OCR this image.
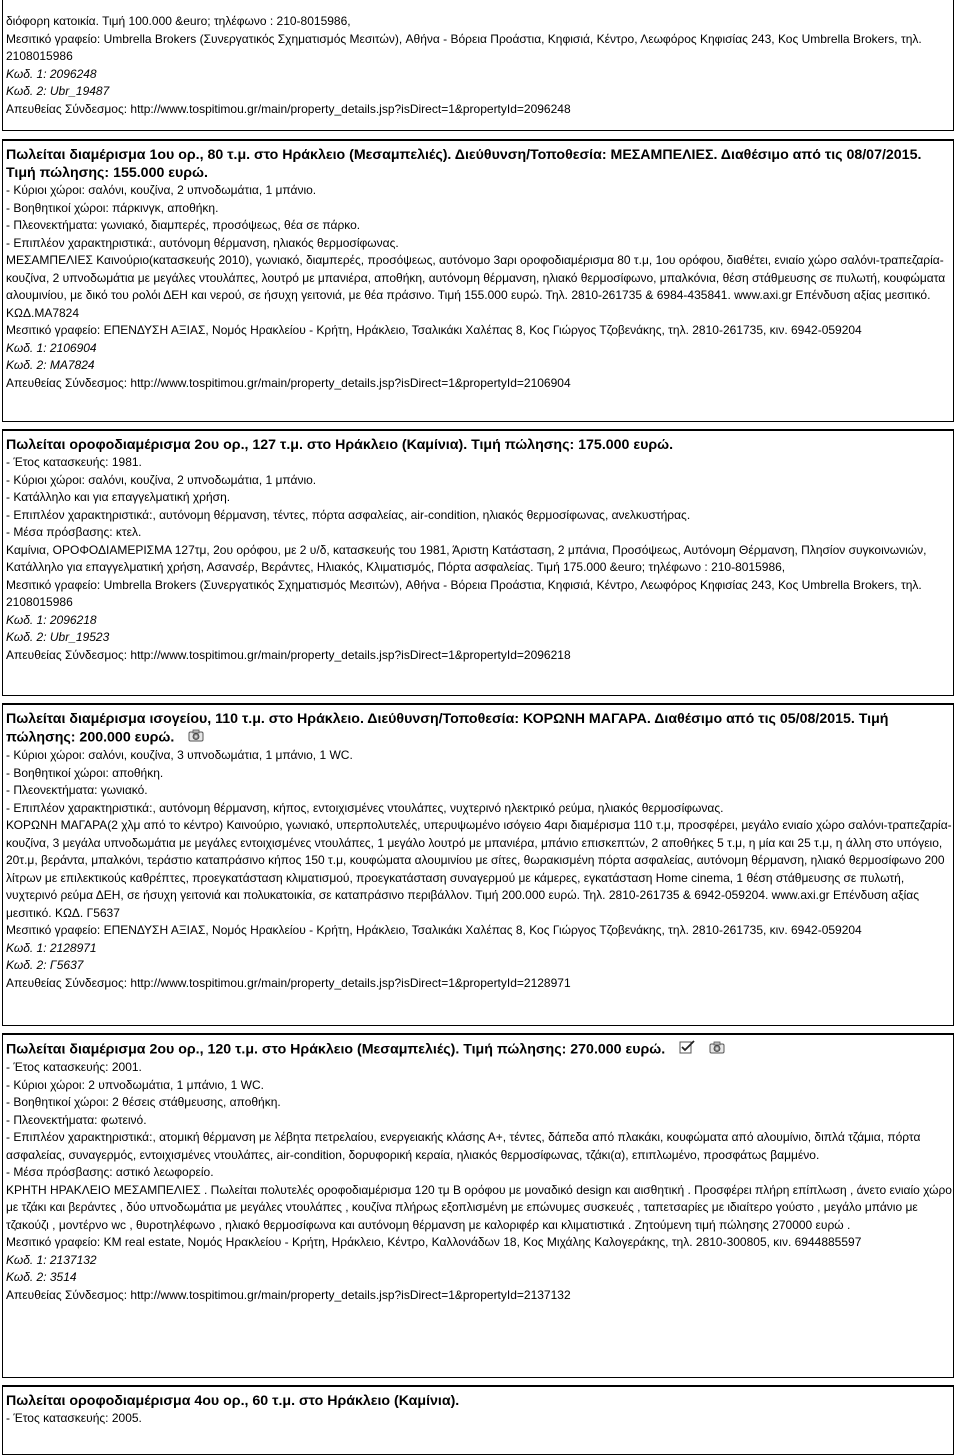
διόφορη κατοικία. Τιμή 100.000 &euro; τηλέφωνο : 210-8015986,

Μεσιτικό γραφείο: Umbrella Brokers (Συνεργατικός Σχηματισμός Μεσιτών), Αθήνα - Βόρεια Προάστια, Κηφισιά, Κέντρο, Λεωφόρος Κηφισίας 243, Κος Umbrella Brokers, τηλ. 2108015986

Κωδ. 1: 2096248

Κωδ. 2: Ubr_19487

Απευθείας Σύνδεσμος: http://www.tospitimou.gr/main/property_details.jsp?isDirect=1&propertyId=2096248

Πωλείται διαμέρισμα 1ου ορ., 80 τ.μ. στο Ηράκλειο (Μεσαμπελιές). Διεύθυνση/Τοποθεσία: ΜΕΣΑΜΠΕΛΙΕΣ. Διαθέσιμο από τις 08/07/2015. Τιμή πώλησης: 155.000 ευρώ.

- Κύριοι χώροι: σαλόνι, κουζίνα, 2 υπνοδωμάτια, 1 μπάνιο.

- Βοηθητικοί χώροι: πάρκινγκ, αποθήκη.

- Πλεονεκτήματα: γωνιακό, διαμπερές, προσόψεως, θέα σε πάρκο.

- Επιπλέον χαρακτηριστικά:, αυτόνομη θέρμανση, ηλιακός θερμοσίφωνας.

ΜΕΣΑΜΠΕΛΙΕΣ Καινούριο(κατασκευής 2010), γωνιακό, διαμπερές, προσόψεως, αυτόνομο 3αρι οροφοδιαμέρισμα 80 τ.μ, 1ου ορόφου, διαθέτει, ενιαίο χώρο σαλόνι-τραπεζαρία-κουζίνα, 2 υπνοδωμάτια με μεγάλες ντουλάπες, λουτρό με μπανιέρα, αποθήκη, αυτόνομη θέρμανση, ηλιακό θερμοσίφωνο, μπαλκόνια, θέση στάθμευσης σε πυλωτή, κουφώματα αλουμινίου, με δικό του ρολόι ΔΕΗ και νερού, σε ήσυχη γειτονιά, με θέα πράσινο. Τιμή 155.000 ευρώ. Τηλ. 2810-261735 & 6984-435841. www.axi.gr Επένδυση αξίας μεσιτικό. ΚΩΔ.ΜΑ7824

Μεσιτικό γραφείο: ΕΠΕΝΔΥΣΗ ΑΞΙΑΣ, Νομός Ηρακλείου - Κρήτη, Ηράκλειο, Τσαλικάκι Χαλέπας 8, Κος Γιώργος Τζοβενάκης, τηλ. 2810-261735, κιν. 6942-059204

Κωδ. 1: 2106904

Κωδ. 2: ΜΑ7824

Απευθείας Σύνδεσμος: http://www.tospitimou.gr/main/property_details.jsp?isDirect=1&propertyId=2106904

Πωλείται οροφοδιαμέρισμα 2ου ορ., 127 τ.μ. στο Ηράκλειο (Καμίνια). Τιμή πώλησης: 175.000 ευρώ.

- Έτος κατασκευής: 1981.

- Κύριοι χώροι: σαλόνι, κουζίνα, 2 υπνοδωμάτια, 1 μπάνιο.

- Κατάλληλο και για επαγγελματική χρήση.

- Επιπλέον χαρακτηριστικά:, αυτόνομη θέρμανση, τέντες, πόρτα ασφαλείας, air-condition, ηλιακός θερμοσίφωνας, ανελκυστήρας.

- Μέσα πρόσβασης: κτελ.

Καμίνια, ΟΡΟΦΟΔΙΑΜΕΡΙΣΜΑ 127τμ, 2ου ορόφου, με 2 υ/δ, κατασκευής του 1981, Άριστη Κατάσταση, 2 μπάνια, Προσόψεως, Αυτόνομη Θέρμανση, Πλησίον συγκοινωνιών, Κατάλληλο για επαγγελματική χρήση, Ασανσέρ, Βεράντες, Ηλιακός, Κλιματισμός, Πόρτα ασφαλείας. Τιμή 175.000 &euro; τηλέφωνο : 210-8015986,

Μεσιτικό γραφείο: Umbrella Brokers (Συνεργατικός Σχηματισμός Μεσιτών), Αθήνα - Βόρεια Προάστια, Κηφισιά, Κέντρο, Λεωφόρος Κηφισίας 243, Κος Umbrella Brokers, τηλ. 2108015986

Κωδ. 1: 2096218

Κωδ. 2: Ubr_19523

Απευθείας Σύνδεσμος: http://www.tospitimou.gr/main/property_details.jsp?isDirect=1&propertyId=2096218

Πωλείται διαμέρισμα ισογείου, 110 τ.μ. στο Ηράκλειο. Διεύθυνση/Τοποθεσία: ΚΟΡΩΝΗ ΜΑΓΑΡΑ. Διαθέσιμο από τις 05/08/2015. Τιμή πώλησης: 200.000 ευρώ.

- Κύριοι χώροι: σαλόνι, κουζίνα, 3 υπνοδωμάτια, 1 μπάνιο, 1 WC.

- Βοηθητικοί χώροι: αποθήκη.

- Πλεονεκτήματα: γωνιακό.

- Επιπλέον χαρακτηριστικά:, αυτόνομη θέρμανση, κήπος, εντοιχισμένες ντουλάπες, νυχτερινό ηλεκτρικό ρεύμα, ηλιακός θερμοσίφωνας.

ΚΟΡΩΝΗ ΜΑΓΑΡΑ(2 χλμ από το κέντρο) Καινούριο, γωνιακό, υπερπολυτελές, υπερυψωμένο ισόγειο 4αρι διαμέρισμα 110 τ.μ, προσφέρει, μεγάλο ενιαίο χώρο σαλόνι-τραπεζαρία-κουζίνα, 3 μεγάλα υπνοδωμάτια με μεγάλες εντοιχισμένες ντουλάπες, 1 μεγάλο λουτρό με μπανιέρα, μπάνιο επισκεπτών, 2 αποθήκες 5 τ.μ, η μία και 25 τ.μ, η άλλη στο υπόγειο, 20τ.μ, βεράντα, μπαλκόνι, τεράστιο καταπράσινο κήπος 150 τ.μ, κουφώματα αλουμινίου με σίτες, θωρακισμένη πόρτα ασφαλείας, αυτόνομη θέρμανση, ηλιακό θερμοσίφωνο 200 λίτρων με επιλεκτικούς καθρέπτες, προεγκατάσταση κλιματισμού, προεγκατάσταση συναγερμού με κάμερες, εγκατάσταση Home cinema, 1 θέση στάθμευσης σε πυλωτή, νυχτερινό ρεύμα ΔΕΗ, σε ήσυχη γειτονιά και πολυκατοικία, σε καταπράσινο περιβάλλον. Τιμή 200.000 ευρώ. Τηλ. 2810-261735 & 6942-059204. www.axi.gr Επένδυση αξίας μεσιτικό. ΚΩΔ. Γ5637

Μεσιτικό γραφείο: ΕΠΕΝΔΥΣΗ ΑΞΙΑΣ, Νομός Ηρακλείου - Κρήτη, Ηράκλειο, Τσαλικάκι Χαλέπας 8, Κος Γιώργος Τζοβενάκης, τηλ. 2810-261735, κιν. 6942-059204

Κωδ. 1: 2128971

Κωδ. 2: Γ5637

Απευθείας Σύνδεσμος: http://www.tospitimou.gr/main/property_details.jsp?isDirect=1&propertyId=2128971

Πωλείται διαμέρισμα 2ου ορ., 120 τ.μ. στο Ηράκλειο (Μεσαμπελιές). Τιμή πώλησης: 270.000 ευρώ.

- Έτος κατασκευής: 2001.

- Κύριοι χώροι: 2 υπνοδωμάτια, 1 μπάνιο, 1 WC.

- Βοηθητικοί χώροι: 2 θέσεις στάθμευσης, αποθήκη.

- Πλεονεκτήματα: φωτεινό.

- Επιπλέον χαρακτηριστικά:, ατομική θέρμανση με λέβητα πετρελαίου, ενεργειακής κλάσης Α+, τέντες, δάπεδα από πλακάκι, κουφώματα από αλουμίνιο, διπλά τζάμια, πόρτα ασφαλείας, συναγερμός, εντοιχισμένες ντουλάπες, air-condition, δορυφορική κεραία, ηλιακός θερμοσίφωνας, τζάκι(α), επιπλωμένο, προσφάτως βαμμένο.

- Μέσα πρόσβασης: αστικό λεωφορείο.

ΚΡΗΤΗ ΗΡΑΚΛΕΙΟ ΜΕΣΑΜΠΕΛΙΕΣ . Πωλείται πολυτελές οροφοδιαμέρισμα 120 τμ Β ορόφου με μοναδικό design και αισθητική . Προσφέρει πλήρη επίπλωση , άνετο ενιαίο χώρο με τζάκι και βεράντες , δύο υπνοδωμάτια με μεγάλες ντουλάπες , κουζίνα πλήρως εξοπλισμένη με επώνυμες συσκευές , ταπετσαρίες με ιδιαίτερο γούστο , μεγάλο μπάνιο με τζακούζι , μοντέρνο wc , θυροτηλέφωνο , ηλιακό θερμοσίφωνα και αυτόνομη θέρμανση με καλοριφέρ και κλιματιστικά . Ζητούμενη τιμή πώλησης 270000 ευρώ .

Μεσιτικό γραφείο: KM real estate, Νομός Ηρακλείου - Κρήτη, Ηράκλειο, Κέντρο, Καλλονάδων 18, Κος Μιχάλης Καλογεράκης, τηλ. 2810-300805, κιν. 6944885597

Κωδ. 1: 2137132

Κωδ. 2: 3514

Απευθείας Σύνδεσμος: http://www.tospitimou.gr/main/property_details.jsp?isDirect=1&propertyId=2137132

Πωλείται οροφοδιαμέρισμα 4ου ορ., 60 τ.μ. στο Ηράκλειο (Καμίνια).

- Έτος κατασκευής: 2005.
